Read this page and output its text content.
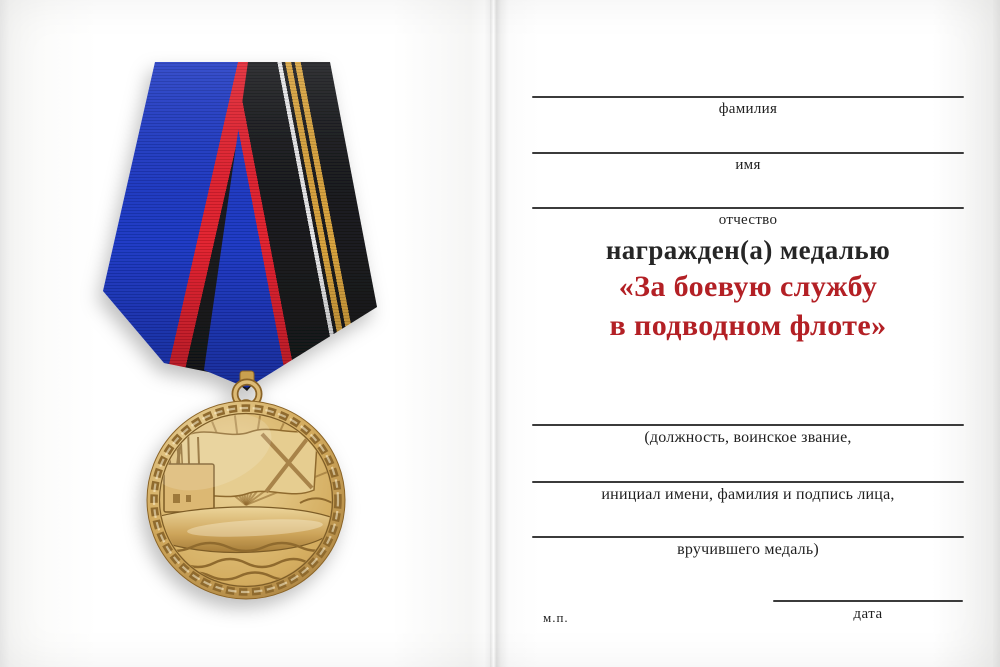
фамилия
имя
отчество
награжден(а) медалью
«За боевую службу
в подводном флоте»
(должность, воинское звание,
инициал имени, фамилия и подпись лица,
вручившего медаль)
м.п.	дата
